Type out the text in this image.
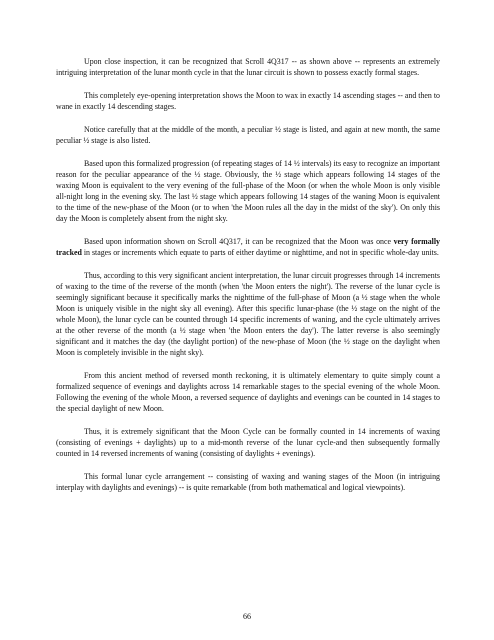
Upon close inspection, it can be recognized that Scroll 4Q317 -- as shown above -- represents an extremely intriguing interpretation of the lunar month cycle in that the lunar circuit is shown to possess exactly formal stages.

This completely eye-opening interpretation shows the Moon to wax in exactly 14 ascending stages -- and then to wane in exactly 14 descending stages.

Notice carefully that at the middle of the month, a peculiar ½ stage is listed, and again at new month, the same peculiar ½ stage is also listed.

Based upon this formalized progression (of repeating stages of 14 ½ intervals) its easy to recognize an important reason for the peculiar appearance of the ½ stage. Obviously, the ½ stage which appears following 14 stages of the waxing Moon is equivalent to the very evening of the full-phase of the Moon (or when the whole Moon is only visible all-night long in the evening sky. The last ½ stage which appears following 14 stages of the waning Moon is equivalent to the time of the new-phase of the Moon (or to when 'the Moon rules all the day in the midst of the sky'). On only this day the Moon is completely absent from the night sky.

Based upon information shown on Scroll 4Q317, it can be recognized that the Moon was once very formally tracked in stages or increments which equate to parts of either daytime or nighttime, and not in specific whole-day units.

Thus, according to this very significant ancient interpretation, the lunar circuit progresses through 14 increments of waxing to the time of the reverse of the month (when 'the Moon enters the night'). The reverse of the lunar cycle is seemingly significant because it specifically marks the nighttime of the full-phase of Moon (a ½ stage when the whole Moon is uniquely visible in the night sky all evening). After this specific lunar-phase (the ½ stage on the night of the whole Moon), the lunar cycle can be counted through 14 specific increments of waning, and the cycle ultimately arrives at the other reverse of the month (a ½ stage when 'the Moon enters the day'). The latter reverse is also seemingly significant and it matches the day (the daylight portion) of the new-phase of Moon (the ½ stage on the daylight when Moon is completely invisible in the night sky).

From this ancient method of reversed month reckoning, it is ultimately elementary to quite simply count a formalized sequence of evenings and daylights across 14 remarkable stages to the special evening of the whole Moon. Following the evening of the whole Moon, a reversed sequence of daylights and evenings can be counted in 14 stages to the special daylight of new Moon.

Thus, it is extremely significant that the Moon Cycle can be formally counted in 14 increments of waxing (consisting of evenings + daylights) up to a mid-month reverse of the lunar cycle-and then subsequently formally counted in 14 reversed increments of waning (consisting of daylights + evenings).

This formal lunar cycle arrangement -- consisting of waxing and waning stages of the Moon (in intriguing interplay with daylights and evenings) -- is quite remarkable (from both mathematical and logical viewpoints).

66
